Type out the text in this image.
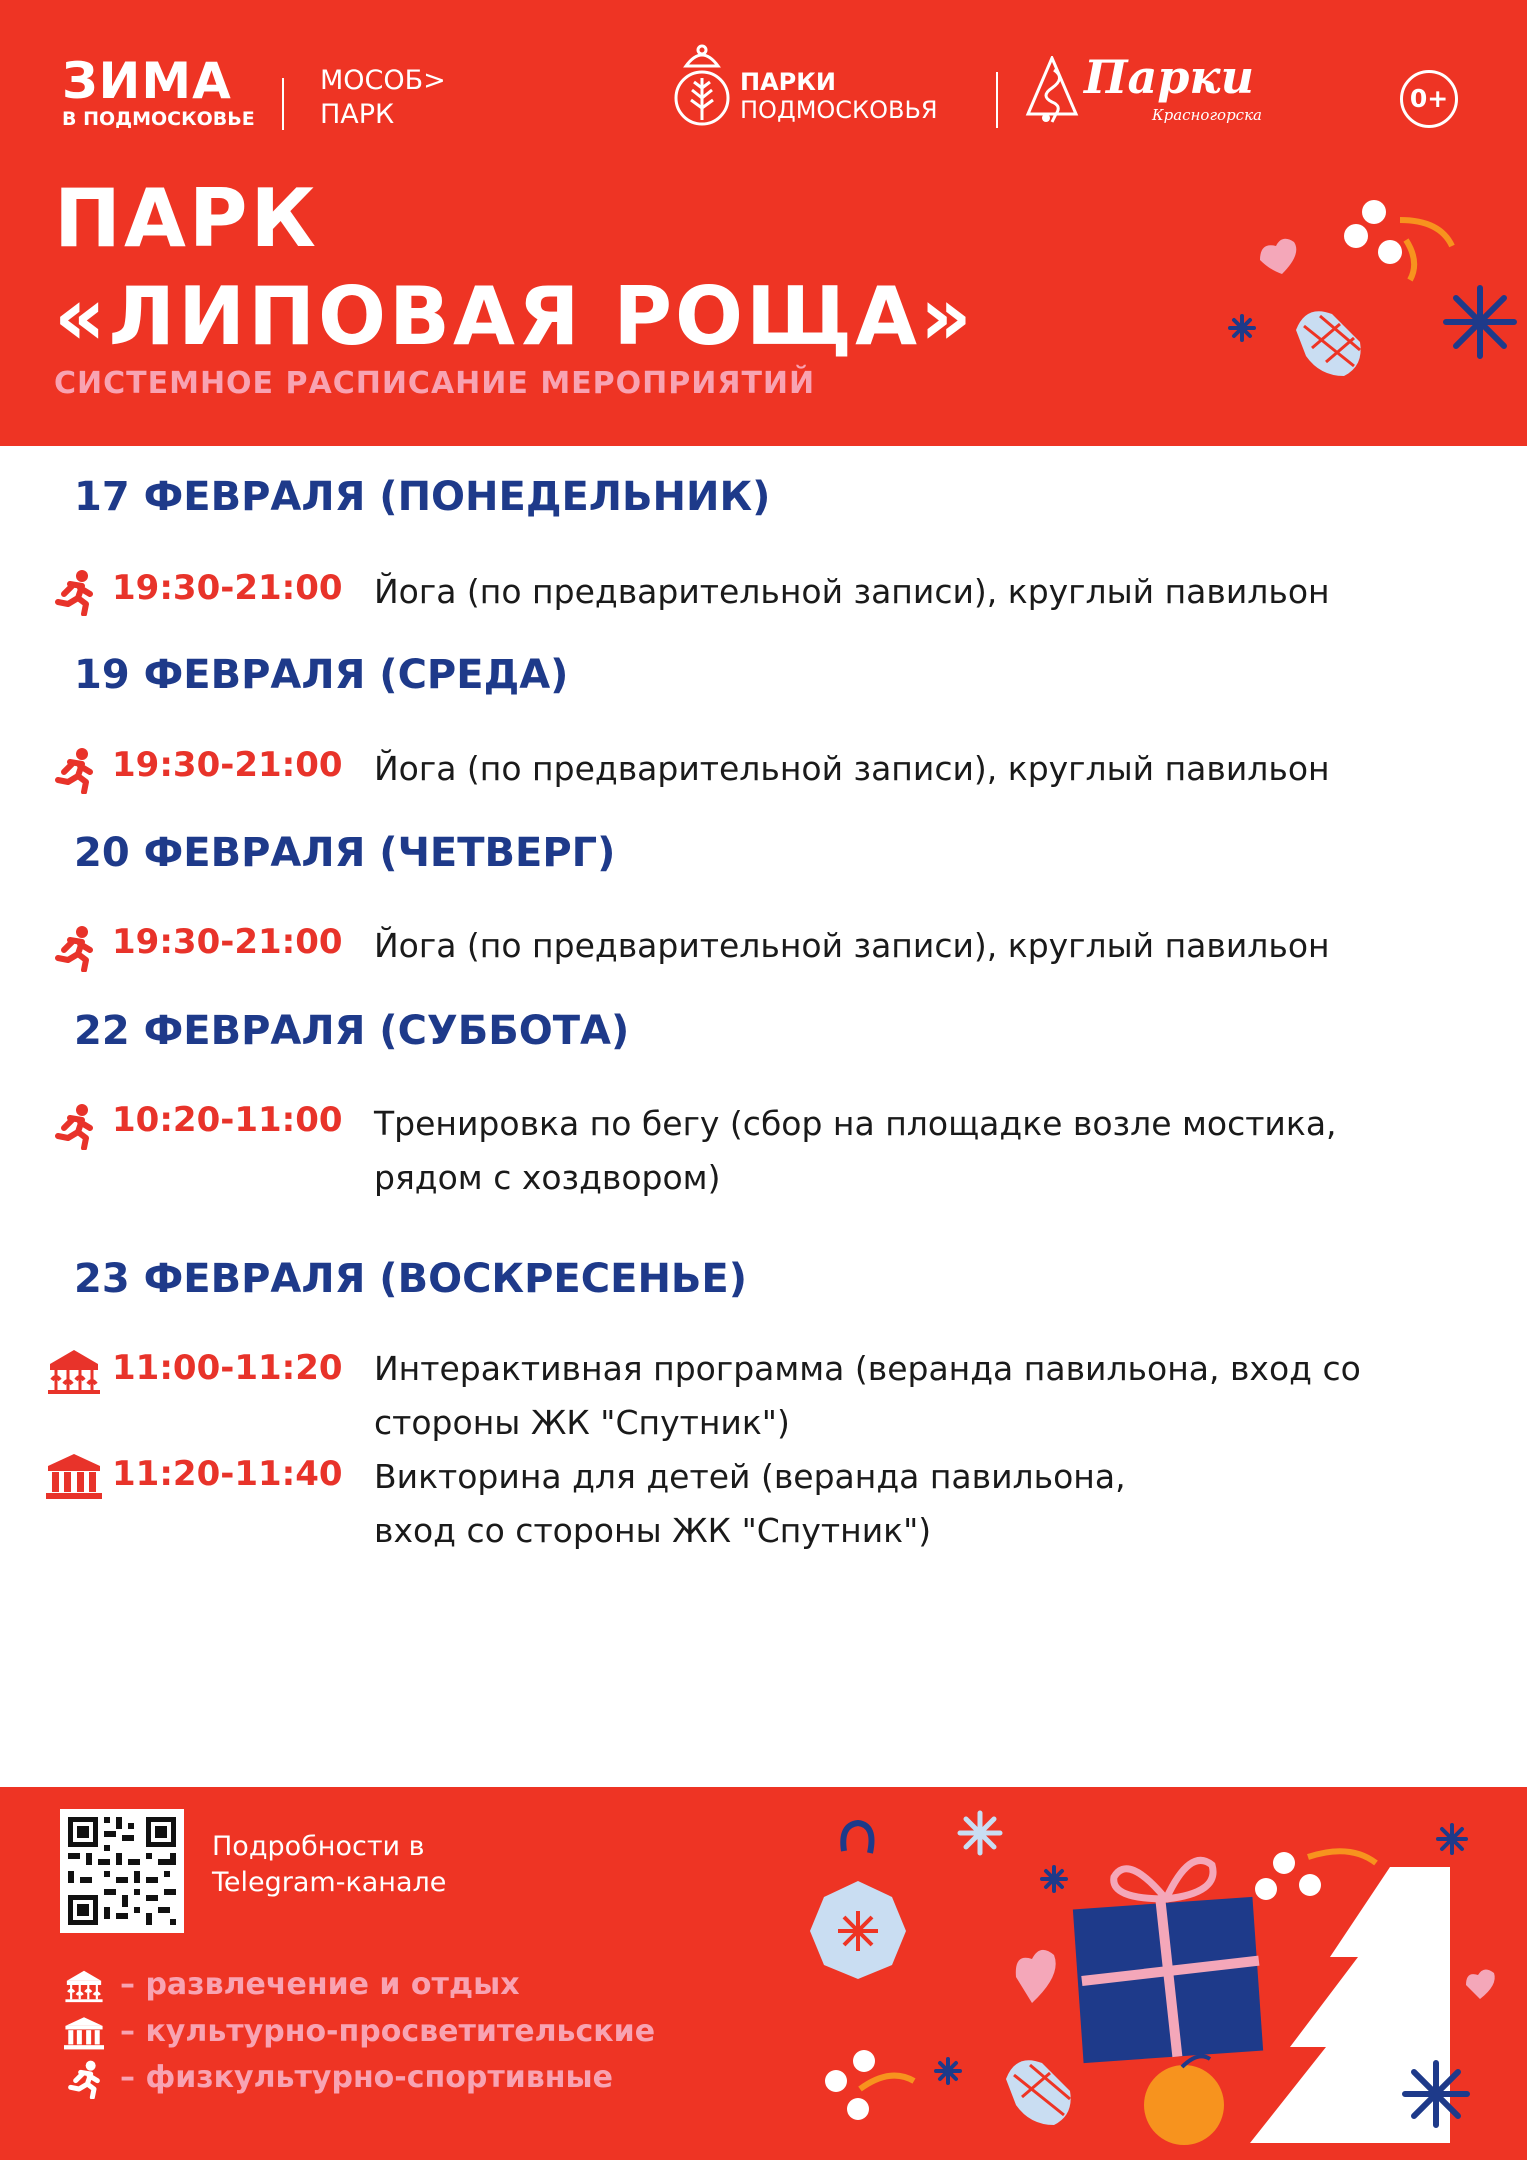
ЗИМА
В ПОДМОСКОВЬЕ
МОСОБ>
ПАРК
ПАРКИ
ПОДМОСКОВЬЯ
Парки
Красногорска
0+
ПАРК
«ЛИПОВАЯ РОЩА»
СИСТЕМНОЕ РАСПИСАНИЕ МЕРОПРИЯТИЙ
17 ФЕВРАЛЯ (ПОНЕДЕЛЬНИК)
19:30-21:00 Йога (по предварительной записи), круглый павильон
19 ФЕВРАЛЯ (СРЕДА)
19:30-21:00 Йога (по предварительной записи), круглый павильон
20 ФЕВРАЛЯ (ЧЕТВЕРГ)
19:30-21:00 Йога (по предварительной записи), круглый павильон
22 ФЕВРАЛЯ (СУББОТА)
10:20-11:00 Тренировка по бегу (сбор на площадке возле мостика,
рядом с хоздвором)
23 ФЕВРАЛЯ (ВОСКРЕСЕНЬЕ)
11:00-11:20 Интерактивная программа (веранда павильона, вход со
стороны ЖК "Спутник")
11:20-11:40 Викторина для детей (веранда павильона,
вход со стороны ЖК "Спутник")
Подробности в
Telegram-канале
– развлечение и отдых
– культурно-просветительские
– физкультурно-спортивные
